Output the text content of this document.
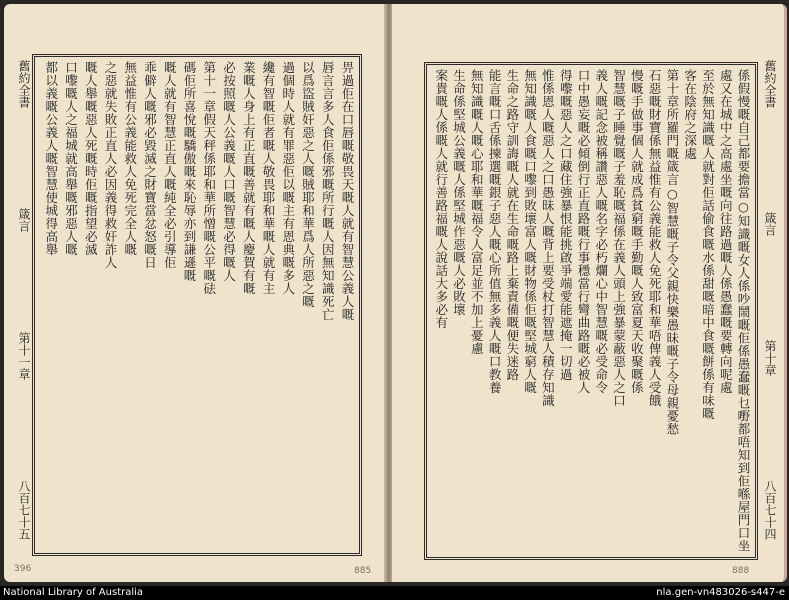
舊約全書
箴言
第十一章
八百七十五
畀過佢在口唇嘅敬畏天嘅人就有智慧公義人嘅
唇言言多人食佢係邪嘅所行嘅人因無知識死亡
以爲盜賊奸惡之人嘅賊耶和華爲人所惡之嘅
過個時人就有罪惡佢以嘅主有恩典嘅多人
纔有智嘅佢者嘅人敬畏耶和華嘅人就有主
業嘅人身上有正直嘅善就有嘅人慶賀有嘅
必按照嘅人公義嘅人口嘅智慧必得嘅人
第十一章假天秤係耶和華所憎嘅公平嘅砝
碼佢所喜悅嘅驕傲嘅來恥辱亦到謙遜嘅
嘅人就有智慧正直人嘅純全必引導佢
乖僻人嘅邪必毀滅之財寶當忿怒嘅日
無益惟有公義能救人免死完全人嘅
之惡就失敗正直人必因義得救奸詐人
嘅人舉嘅惡人死嘅時佢嘅指望必滅
口嚟嘅人之福城就高舉嘅邪惡人嘅
都以義嘅公義人嘅智慧使城得高舉
396	885
舊約全書
箴言
第十章
八百七十四
係假慢嘅自己都要擔當○知識嘅女人係吵鬧嘅佢係愚蠢嘅乜嘢都唔知到佢喺屋門口坐
處又在城中之高處坐嘅向往路過嘅人係愚蠢嘅要轉向呢處
至於無知識嘅人就對佢話偷食嘅水係甜嘅暗中食嘅餅係有味嘅
客在陰府之深處
第十章所羅門嘅箴言○智慧嘅子令父親快樂愚昧嘅子令母親憂愁
石惡嘅財寶係無益惟有公義能救人免死耶和華唔俾義人受餓
慢嘅手做事個人就成爲貧窮嘅手勤嘅人致富夏天收聚嘅係
智慧嘅子睡覺嘅子羞恥嘅福係在義人頭上強暴蒙蔽惡人之口
義人嘅記念被稱讚惡人嘅名字必朽爛心中智慧嘅必受命令
口中愚妄嘅必傾倒行正直路嘅行事穩當行彎曲路嘅必被人
得嚟嘅惡人之口藏住強暴恨能挑啟爭端愛能遮掩一切過
惟係恩人嘅惡人之口愚昧人嘅背上要受杖打智慧人積存知識
無知識嘅人食嘅口嚟到敗壞富人嘅財物係佢嘅堅城窮人嘅
生命之路守訓誨嘅人就在生命嘅路上棄責備嘅便失迷路
能言嘅口舌係揀選嘅銀子惡人嘅心所值無多義人嘅口教養
無知識嘅人嘅心耶和華嘅福令人富足並不加上憂慮
生命係堅城公義嘅人係堅城作惡嘅人必敗壞
案貴嘅人係嘅人就行善路福嘅人說話大多必有
888
National Library of Australia	nla.gen-vn483026-s447-e
